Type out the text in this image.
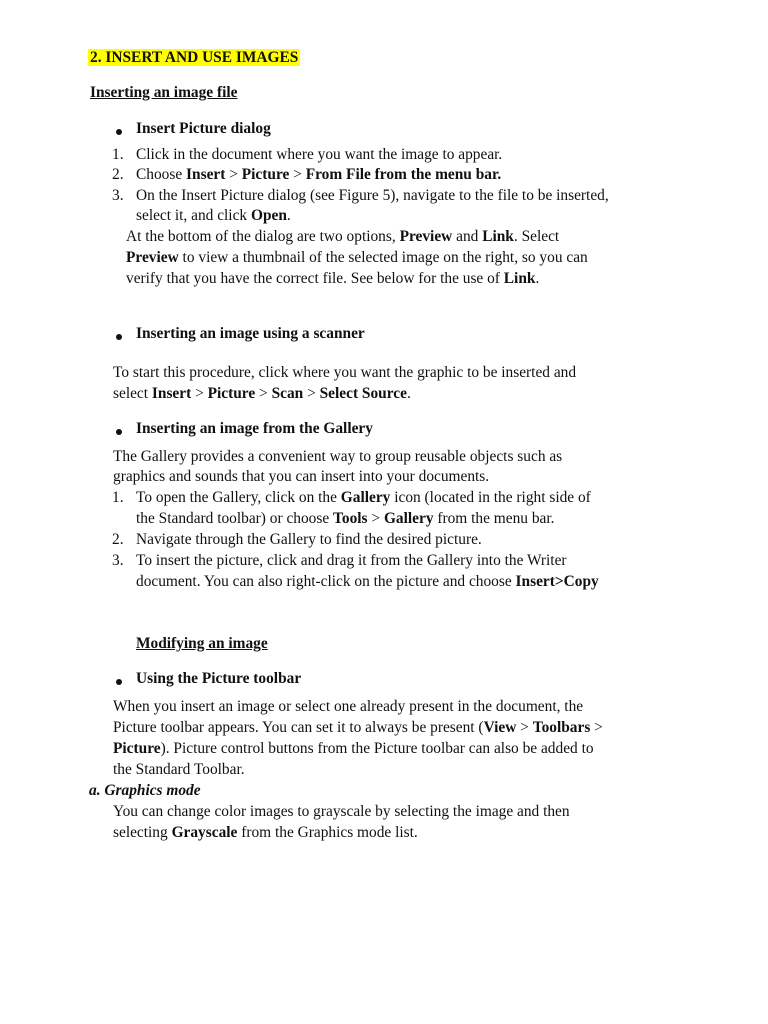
2. INSERT AND USE IMAGES
Inserting an image file
Insert Picture dialog
1. Click in the document where you want the image to appear.
2. Choose Insert > Picture > From File from the menu bar.
3. On the Insert Picture dialog (see Figure 5), navigate to the file to be inserted,
select it, and click Open.
At the bottom of the dialog are two options, Preview and Link. Select
Preview to view a thumbnail of the selected image on the right, so you can
verify that you have the correct file. See below for the use of Link.
Inserting an image using a scanner
To start this procedure, click where you want the graphic to be inserted and
select Insert > Picture > Scan > Select Source.
Inserting an image from the Gallery
The Gallery provides a convenient way to group reusable objects such as
graphics and sounds that you can insert into your documents.
1. To open the Gallery, click on the Gallery icon (located in the right side of
the Standard toolbar) or choose Tools > Gallery from the menu bar.
2. Navigate through the Gallery to find the desired picture.
3. To insert the picture, click and drag it from the Gallery into the Writer
document. You can also right-click on the picture and choose Insert>Copy
Modifying an image
Using the Picture toolbar
When you insert an image or select one already present in the document, the
Picture toolbar appears. You can set it to always be present (View > Toolbars >
Picture). Picture control buttons from the Picture toolbar can also be added to
the Standard Toolbar.
a. Graphics mode
You can change color images to grayscale by selecting the image and then
selecting Grayscale from the Graphics mode list.
